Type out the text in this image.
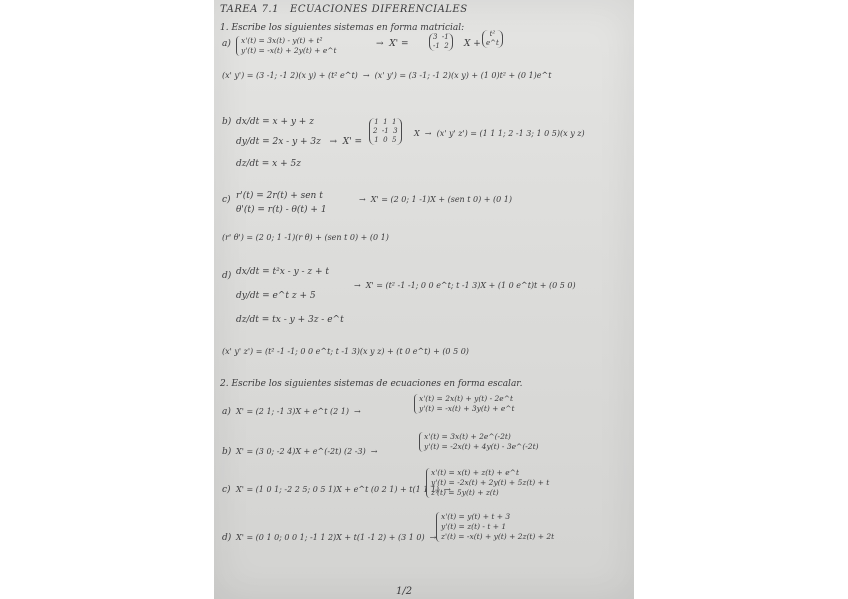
TAREA 7.1   ECUACIONES DIFERENCIALES
1. Escribe los siguientes sistemas en forma matricial:
a)	x'(t) = 3x(t) - y(t) + t²
y'(t) = -x(t) + 2y(t) + e^t
→  X' =
3  -1
-1  2	X +
t²
e^t
(x' y') = (3 -1; -1 2)(x y) + (t² e^t)  →  (x' y') = (3 -1; -1 2)(x y) + (1 0)t² + (0 1)e^t
b) dx/dt = x + y + z
dy/dt = 2x - y + 3z   →  X' =
dz/dt = x + 5z
1  1  1
2  -1  3
1  0  5
X  →  (x' y' z') = (1 1 1; 2 -1 3; 1 0 5)(x y z)
c) r'(t) = 2r(t) + sen t
θ'(t) = r(t) - θ(t) + 1
→  X' = (2 0; 1 -1)X + (sen t 0) + (0 1)
(r' θ') = (2 0; 1 -1)(r θ) + (sen t 0) + (0 1)
d) dx/dt = t²x - y - z + t
dy/dt = e^t z + 5
dz/dt = tx - y + 3z - e^t
→  X' = (t² -1 -1; 0 0 e^t; t -1 3)X + (1 0 e^t)t + (0 5 0)
(x' y' z') = (t² -1 -1; 0 0 e^t; t -1 3)(x y z) + (t 0 e^t) + (0 5 0)
2. Escribe los siguientes sistemas de ecuaciones en forma escalar.
a) X' = (2 1; -1 3)X + e^t (2 1)  →
x'(t) = 2x(t) + y(t) - 2e^t
y'(t) = -x(t) + 3y(t) + e^t
b) X' = (3 0; -2 4)X + e^(-2t) (2 -3)  →
x'(t) = 3x(t) + 2e^(-2t)
y'(t) = -2x(t) + 4y(t) - 3e^(-2t)
c) X' = (1 0 1; -2 2 5; 0 5 1)X + e^t (0 2 1) + t(1 1 1)  →
x'(t) = x(t) + z(t) + e^t
y'(t) = -2x(t) + 2y(t) + 5z(t) + t
z'(t) = 5y(t) + z(t)
d) X' = (0 1 0; 0 0 1; -1 1 2)X + t(1 -1 2) + (3 1 0)  →
x'(t) = y(t) + t + 3
y'(t) = z(t) - t + 1
z'(t) = -x(t) + y(t) + 2z(t) + 2t
1/2
